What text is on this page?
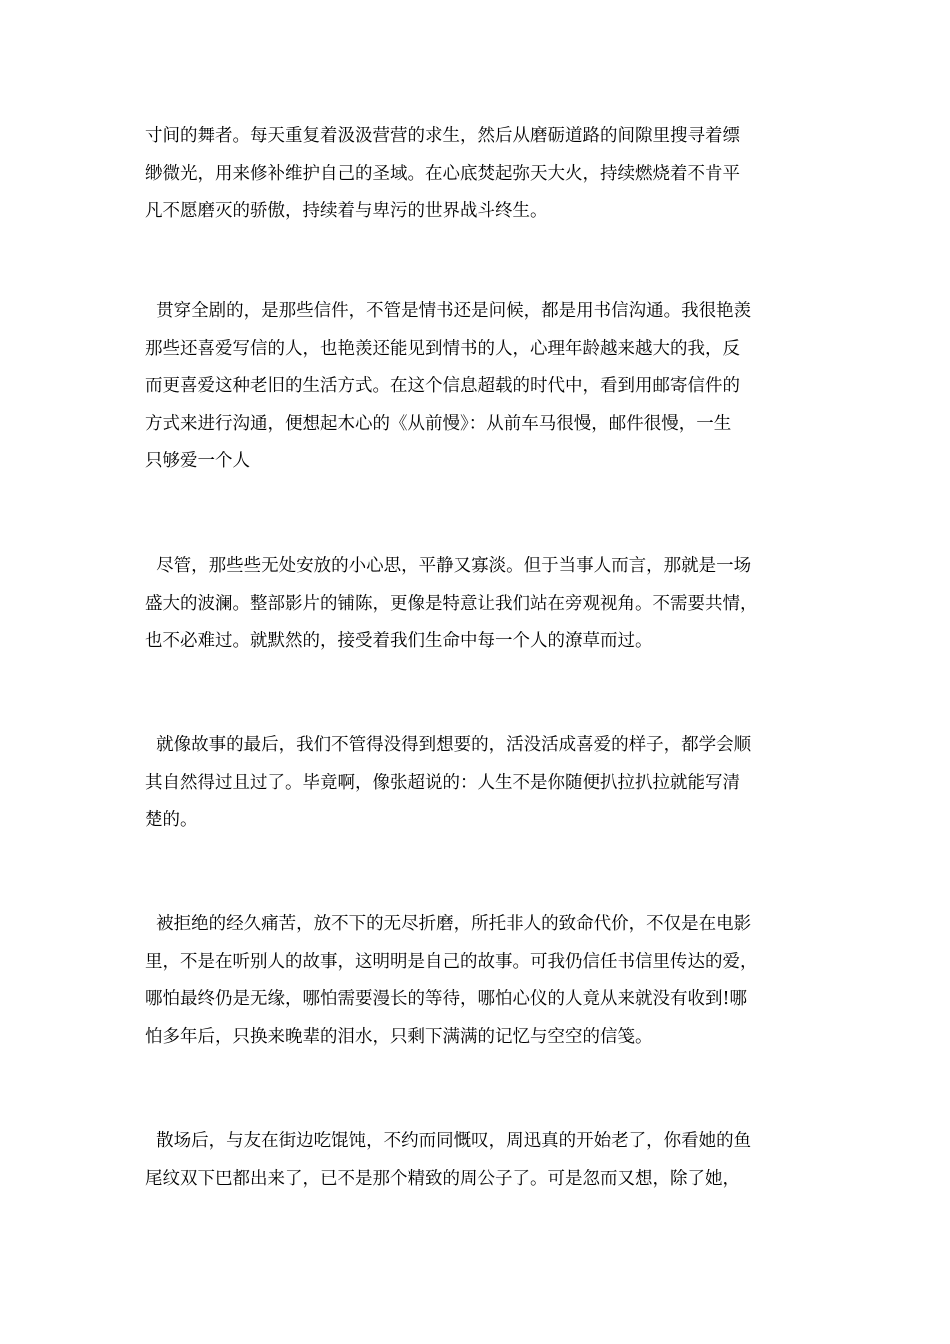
寸间的舞者。每天重复着汲汲营营的求生，然后从磨砺道路的间隙里搜寻着缥
缈微光，用来修补维护自己的圣域。在心底焚起弥天大火，持续燃烧着不肯平
凡不愿磨灭的骄傲，持续着与卑污的世界战斗终生。

贯穿全剧的，是那些信件，不管是情书还是问候，都是用书信沟通。我很艳羡
那些还喜爱写信的人，也艳羡还能见到情书的人，心理年龄越来越大的我，反
而更喜爱这种老旧的生活方式。在这个信息超载的时代中，看到用邮寄信件的
方式来进行沟通，便想起木心的《从前慢》：从前车马很慢，邮件很慢，一生
只够爱一个人

尽管，那些些无处安放的小心思，平静又寡淡。但于当事人而言，那就是一场
盛大的波澜。整部影片的铺陈，更像是特意让我们站在旁观视角。不需要共情，
也不必难过。就默然的，接受着我们生命中每一个人的潦草而过。

就像故事的最后，我们不管得没得到想要的，活没活成喜爱的样子，都学会顺
其自然得过且过了。毕竟啊，像张超说的：人生不是你随便扒拉扒拉就能写清
楚的。

被拒绝的经久痛苦，放不下的无尽折磨，所托非人的致命代价，不仅是在电影
里，不是在听别人的故事，这明明是自己的故事。可我仍信任书信里传达的爱，
哪怕最终仍是无缘，哪怕需要漫长的等待，哪怕心仪的人竟从来就没有收到!哪
怕多年后，只换来晚辈的泪水，只剩下满满的记忆与空空的信笺。

散场后，与友在街边吃馄饨，不约而同慨叹，周迅真的开始老了，你看她的鱼
尾纹双下巴都出来了，已不是那个精致的周公子了。可是忽而又想，除了她，
